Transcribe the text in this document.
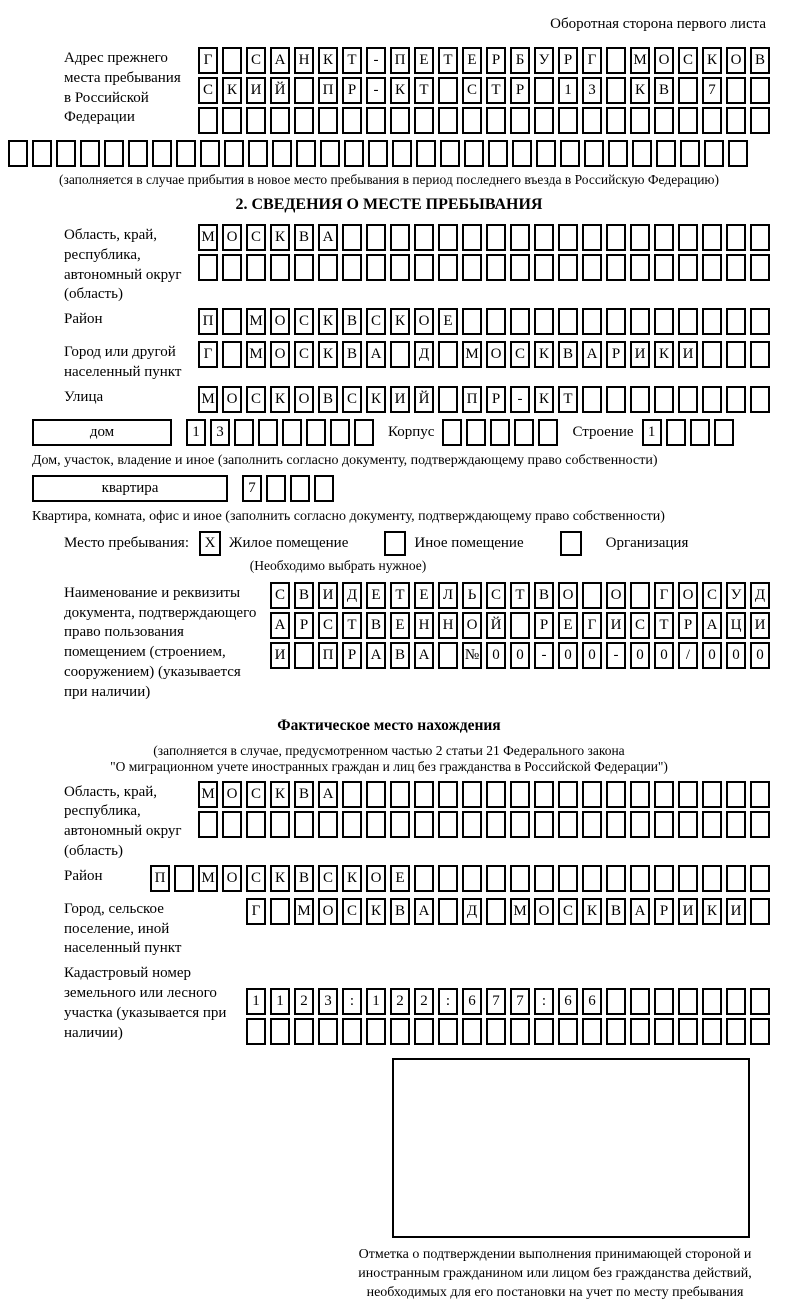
Оборотная сторона первого листа
Адрес прежнего места пребывания в Российской Федерации
Г	С А Н К Т - П Е Т Е Р Б У Р Г М О С К О В
С К И Й П Р - К Т	С Т Р	1 3	К В	7
(заполняется в случае прибытия в новое место пребывания в период последнего въезда в Российскую Федерацию)
2. СВЕДЕНИЯ О МЕСТЕ ПРЕБЫВАНИЯ
Область, край, республика, автономный округ (область)
М О С К В А
Район	П М О С К В С К О Е
Город или другой населенный пункт
Г М О С К В А Д М О С К В А Р И К И
Улица	М О С К О В С К И Й П Р - К Т
дом	1 3	Корпус	Строение 1
Дом, участок, владение и иное (заполнить согласно документу, подтверждающему право собственности)
квартира	7
Квартира, комната, офис и иное (заполнить согласно документу, подтверждающему право собственности)
Место пребывания:	X Жилое помещение	Иное помещение	Организация
(Необходимо выбрать нужное)
Наименование и реквизиты документа, подтверждающего право пользования помещением (строением, сооружением) (указывается при наличии)
С В И Д Е Т Е Л Ь С Т В О О	Г О С У Д
А Р С Т В Е Н Н О Й	Р Е Г И С Т Р А Ц И
И П Р А В А № 0 0 - 0 0 - 0 0 / 0 0 0
Фактическое место нахождения
(заполняется в случае, предусмотренном частью 2 статьи 21 Федерального закона
"О миграционном учете иностранных граждан и лиц без гражданства в Российской Федерации")
Область, край, республика, автономный округ (область)
М О С К В А
Район	П М О С К В С К О Е
Город, сельское поселение, иной населенный пункт
Г М О С К В А Д М О С К В А Р И К И
Кадастровый номер земельного или лесного участка (указывается при наличии)
1 1 2 3 : 1 2 2 : 6 7 7 : 6 6
Отметка о подтверждении выполнения принимающей стороной и иностранным гражданином или лицом без гражданства действий, необходимых для его постановки на учет по месту пребывания
